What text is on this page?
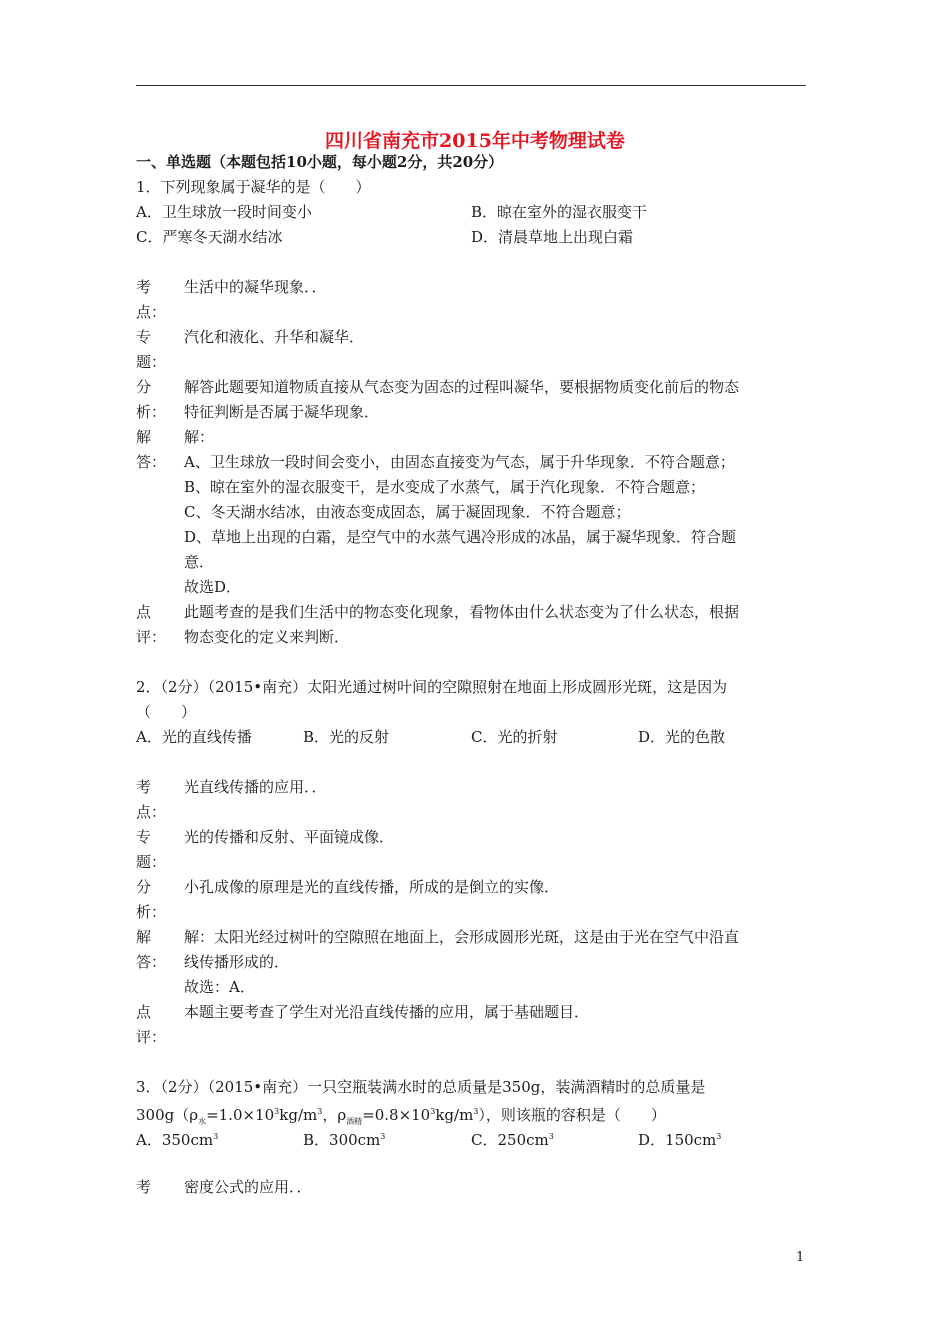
四川省南充市2015年中考物理试卷
一、单选题（本题包括10小题，每小题2分，共20分）
1．下列现象属于凝华的是（　　）
A．卫生球放一段时间变小	B．晾在室外的湿衣服变干
C．严寒冬天湖水结冰	D．清晨草地上出现白霜
考
点：
生活中的凝华现象．．
专
题：
汽化和液化、升华和凝华．
分
析：
解答此题要知道物质直接从气态变为固态的过程叫凝华，要根据物质变化前后的物态
特征判断是否属于凝华现象．
解
答：
解：
A、卫生球放一段时间会变小，由固态直接变为气态，属于升华现象．不符合题意；
B、晾在室外的湿衣服变干，是水变成了水蒸气，属于汽化现象．不符合题意；
C、冬天湖水结冰，由液态变成固态，属于凝固现象．不符合题意；
D、草地上出现的白霜，是空气中的水蒸气遇冷形成的冰晶，属于凝华现象．符合题
意．
故选D．
点
评：
此题考查的是我们生活中的物态变化现象，看物体由什么状态变为了什么状态，根据
物态变化的定义来判断．
2．（2分）（2015•南充）太阳光通过树叶间的空隙照射在地面上形成圆形光斑，这是因为
（　　）
A．光的直线传播	B．光的反射	C．光的折射	D．光的色散
考
点：
光直线传播的应用．．
专
题：
光的传播和反射、平面镜成像．
分
析：
小孔成像的原理是光的直线传播，所成的是倒立的实像．
解
答：
解：太阳光经过树叶的空隙照在地面上，会形成圆形光斑，这是由于光在空气中沿直
线传播形成的．
故选：A．
点
评：
本题主要考查了学生对光沿直线传播的应用，属于基础题目．
3．（2分）（2015•南充）一只空瓶装满水时的总质量是350g，装满酒精时的总质量是
$300g(\rho_水=1.0\times 10^3kg/m^3$，$\rho_{酒精}=0.8\times 10^3kg/m^3$），则该瓶的容积是（　　）
A．$350cm^3$	B．$300cm^3$	C．$250cm^3$	D．$150cm^3$
考 密度公式的应用．．
1
